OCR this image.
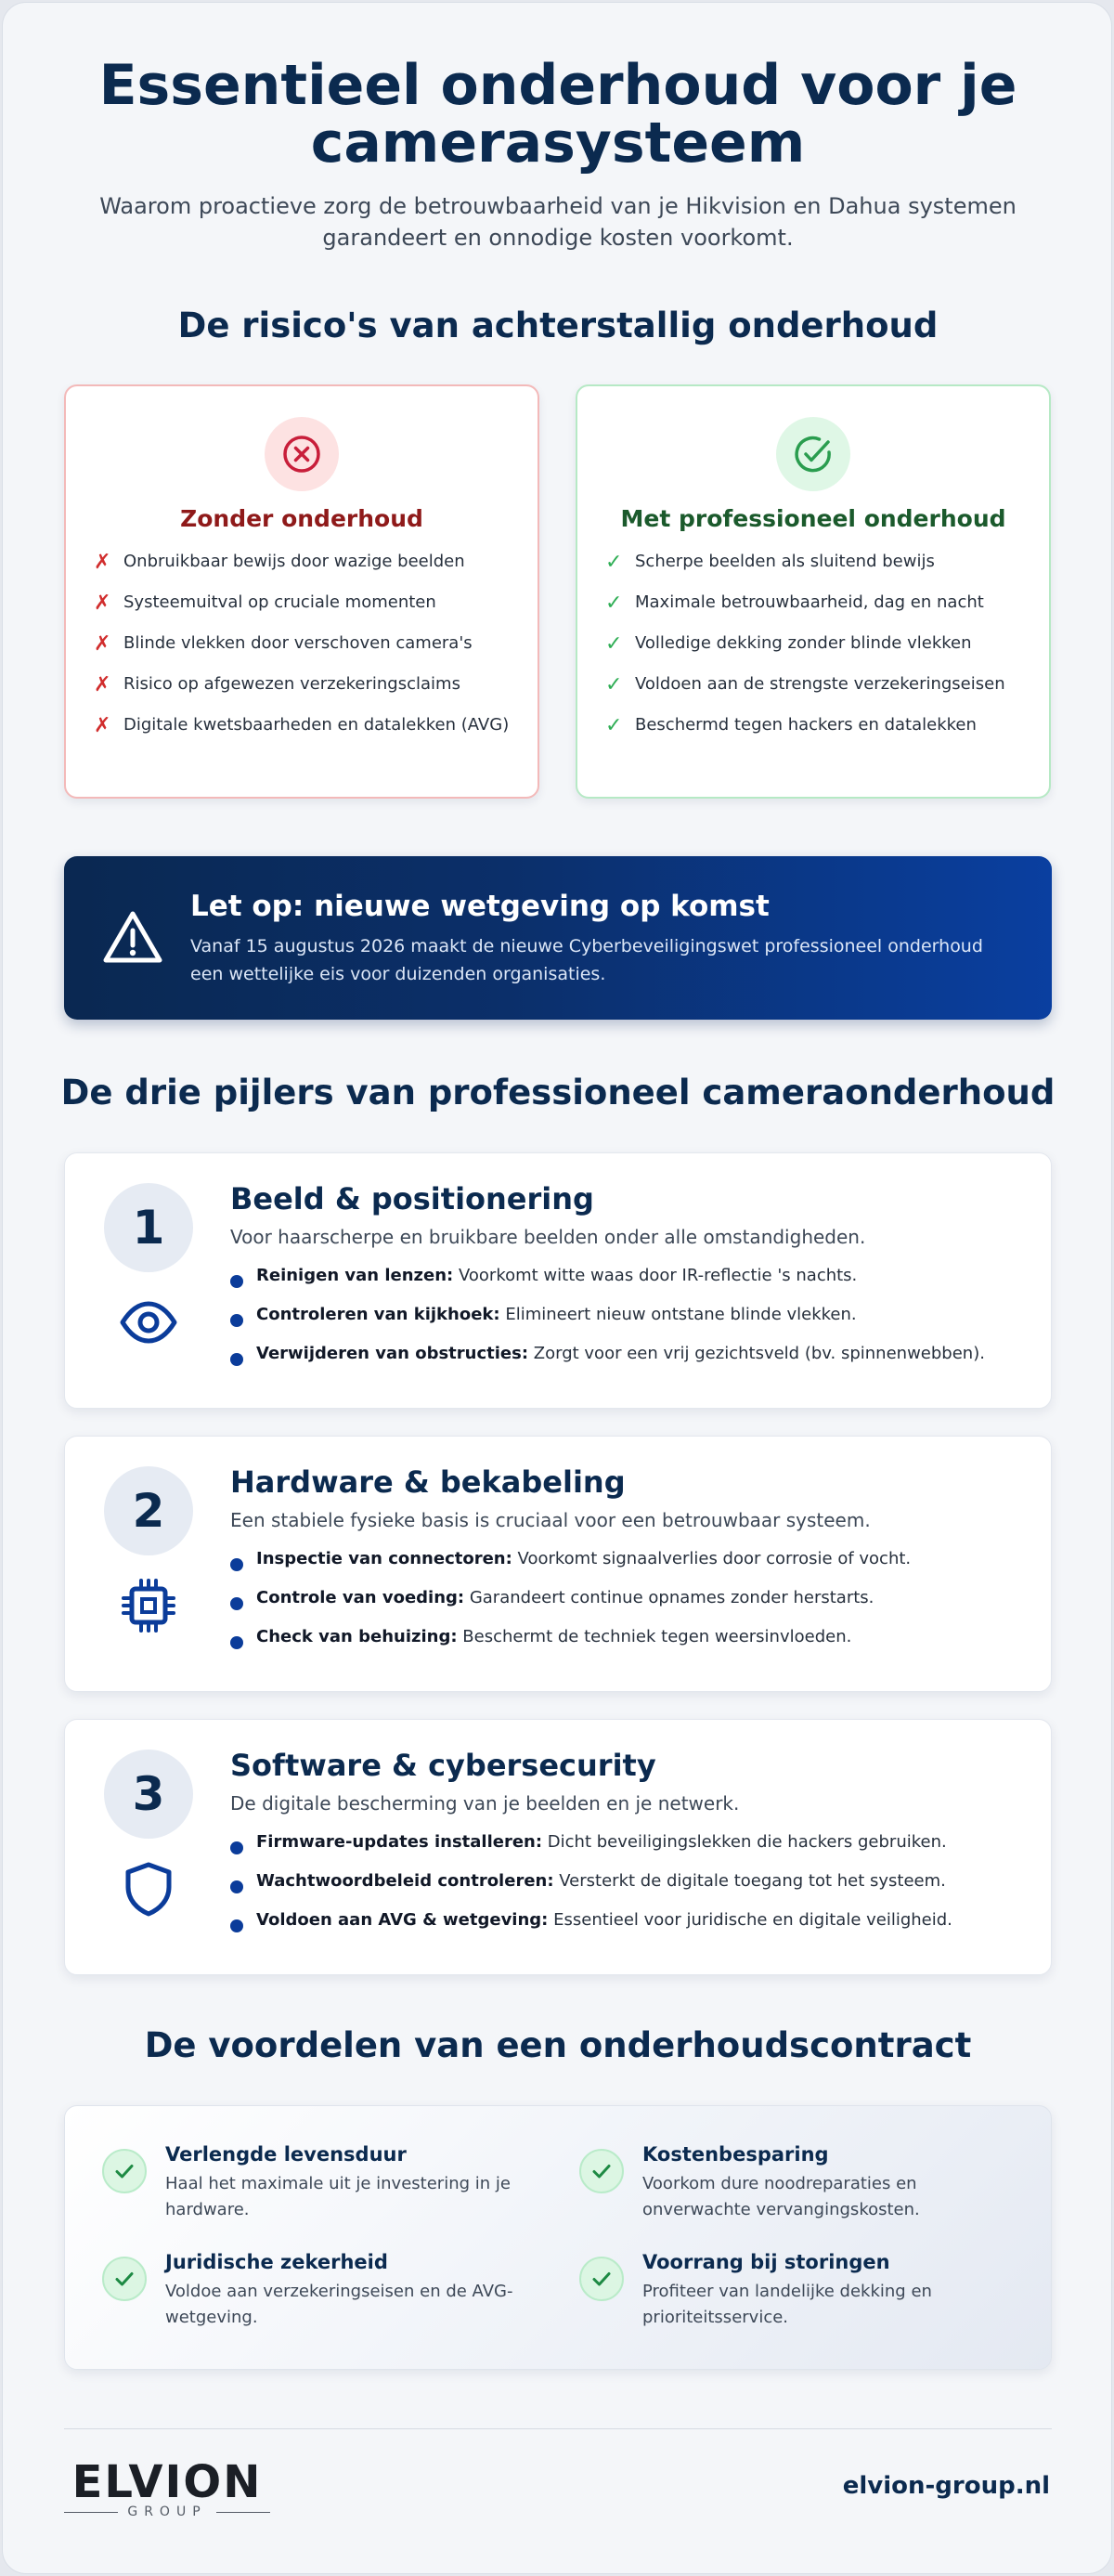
Essentieel onderhoud voor je
camerasysteem

Waarom proactieve zorg de betrouwbaarheid van je Hikvision en Dahua systemen garandeert en onnodige kosten voorkomt.

De risico's van achterstallig onderhoud
Zonder onderhoud
✗ Onbruikbaar bewijs door wazige beelden
✗ Systeemuitval op cruciale momenten
✗ Blinde vlekken door verschoven camera's
✗ Risico op afgewezen verzekeringsclaims
✗ Digitale kwetsbaarheden en datalekken (AVG)
Met professioneel onderhoud
✓ Scherpe beelden als sluitend bewijs
✓ Maximale betrouwbaarheid, dag en nacht
✓ Volledige dekking zonder blinde vlekken
✓ Voldoen aan de strengste verzekeringseisen
✓ Beschermd tegen hackers en datalekken
Let op: nieuwe wetgeving op komst
Vanaf 15 augustus 2026 maakt de nieuwe Cyberbeveiligingswet professioneel onderhoud een wettelijke eis voor duizenden organisaties.
De drie pijlers van professioneel cameraonderhoud
1
Beeld & positionering
Voor haarscherpe en bruikbare beelden onder alle omstandigheden.
Reinigen van lenzen: Voorkomt witte waas door IR-reflectie 's nachts.
Controleren van kijkhoek: Elimineert nieuw ontstane blinde vlekken.
Verwijderen van obstructies: Zorgt voor een vrij gezichtsveld (bv. spinnenwebben).
2
Hardware & bekabeling
Een stabiele fysieke basis is cruciaal voor een betrouwbaar systeem.
Inspectie van connectoren: Voorkomt signaalverlies door corrosie of vocht.
Controle van voeding: Garandeert continue opnames zonder herstarts.
Check van behuizing: Beschermt de techniek tegen weersinvloeden.
3
Software & cybersecurity
De digitale bescherming van je beelden en je netwerk.
Firmware-updates installeren: Dicht beveiligingslekken die hackers gebruiken.
Wachtwoordbeleid controleren: Versterkt de digitale toegang tot het systeem.
Voldoen aan AVG & wetgeving: Essentieel voor juridische en digitale veiligheid.
De voordelen van een onderhoudscontract
Verlengde levensduur
Haal het maximale uit je investering in je hardware.
Kostenbesparing
Voorkom dure noodreparaties en onverwachte vervangingskosten.
Juridische zekerheid
Voldoe aan verzekeringseisen en de AVG-wetgeving.
Voorrang bij storingen
Profiteer van landelijke dekking en prioriteitsservice.
ELVION
GROUP
elvion-group.nl
